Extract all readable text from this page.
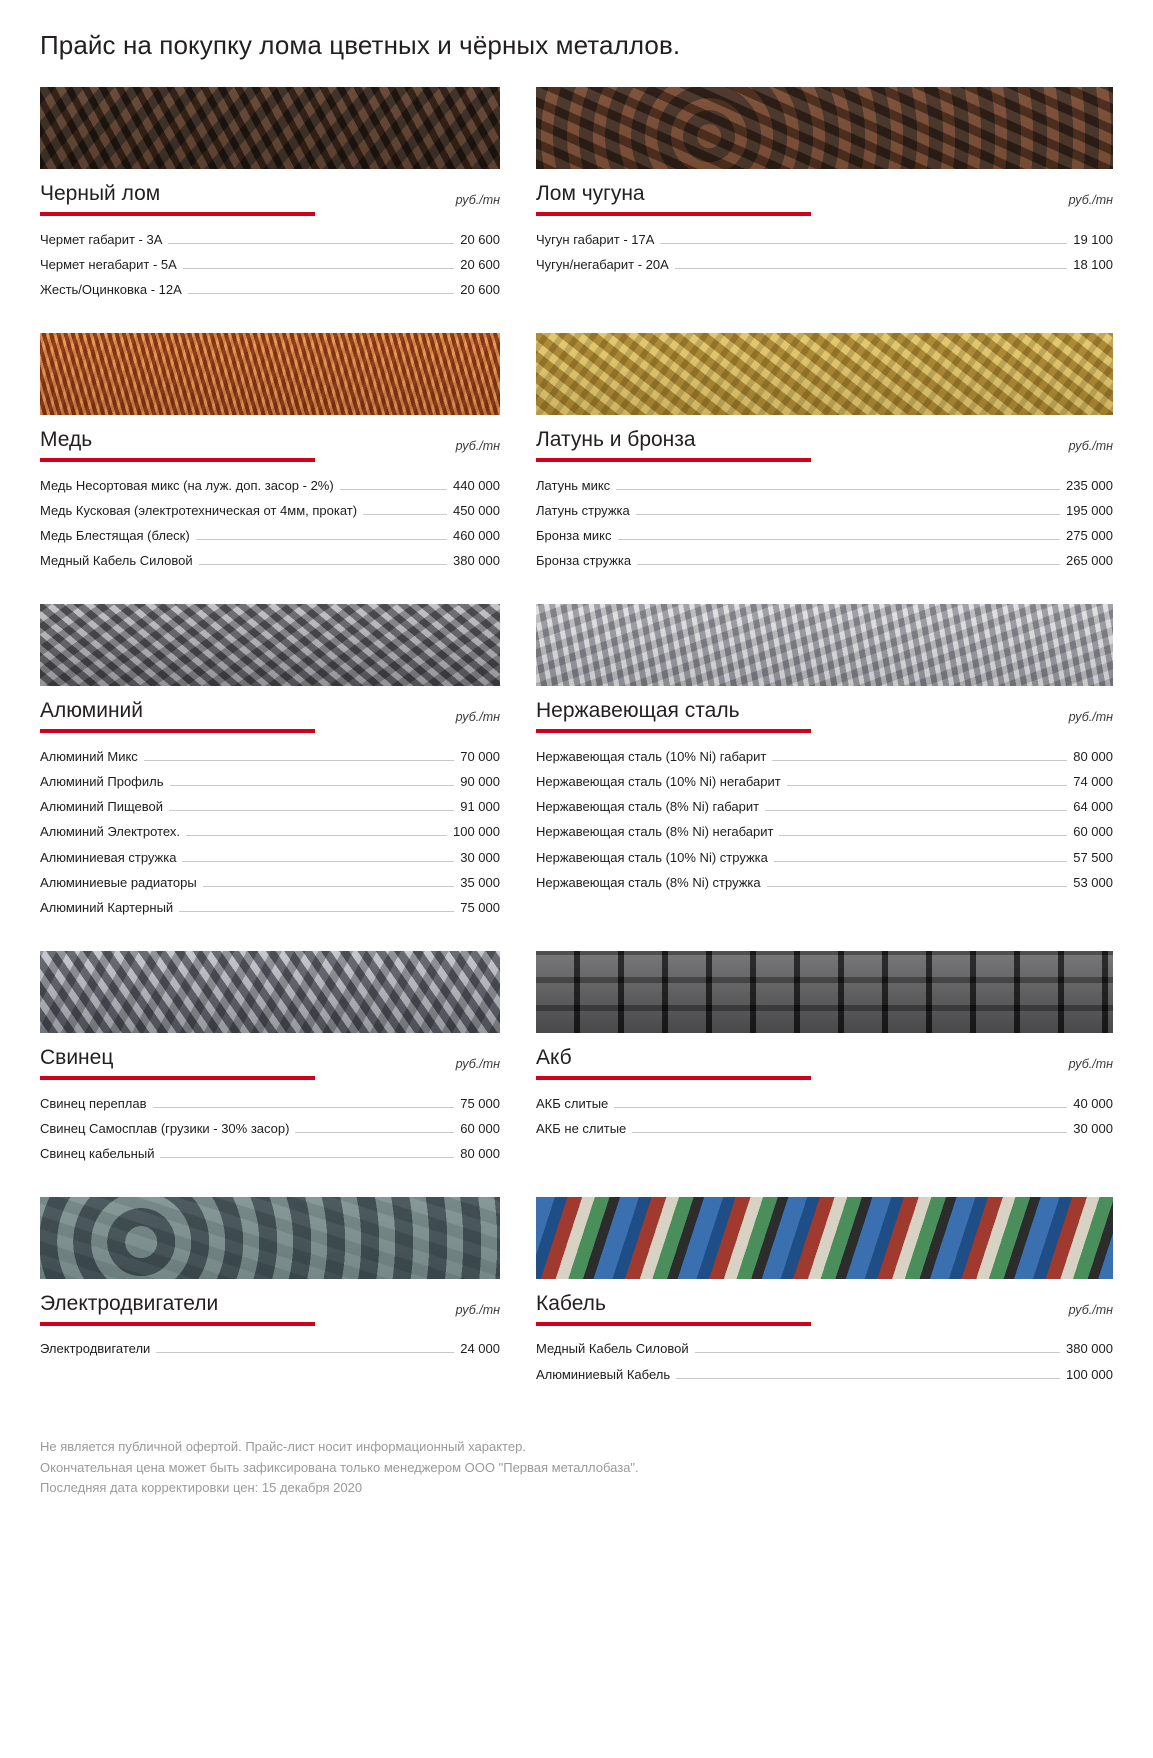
Прайс на покупку лома цветных и чёрных металлов.
Черный лом	руб./тн
Чермет габарит - 3А	20 600
Чермет негабарит - 5А	20 600
Жесть/Оцинковка - 12А	20 600
Лом чугуна	руб./тн
Чугун габарит - 17А	19 100
Чугун/негабарит - 20А	18 100
Медь	руб./тн
Медь Несортовая микс (на луж. доп. засор - 2%)	440 000
Медь Кусковая (электротехническая от 4мм, прокат)	450 000
Медь Блестящая (блеск)	460 000
Медный Кабель Силовой	380 000
Латунь и бронза	руб./тн
Латунь микс	235 000
Латунь стружка	195 000
Бронза микс	275 000
Бронза стружка	265 000
Алюминий	руб./тн
Алюминий Микс	70 000
Алюминий Профиль	90 000
Алюминий Пищевой	91 000
Алюминий Электротех.	100 000
Алюминиевая стружка	30 000
Алюминиевые радиаторы	35 000
Алюминий Картерный	75 000
Нержавеющая сталь	руб./тн
Нержавеющая сталь (10% Ni) габарит	80 000
Нержавеющая сталь (10% Ni) негабарит	74 000
Нержавеющая сталь (8% Ni) габарит	64 000
Нержавеющая сталь (8% Ni) негабарит	60 000
Нержавеющая сталь (10% Ni) стружка	57 500
Нержавеющая сталь (8% Ni) стружка	53 000
Свинец	руб./тн
Свинец переплав	75 000
Свинец Самосплав (грузики - 30% засор)	60 000
Свинец кабельный	80 000
Акб	руб./тн
АКБ слитые	40 000
АКБ не слитые	30 000
Электродвигатели	руб./тн
Электродвигатели	24 000
Кабель	руб./тн
Медный Кабель Силовой	380 000
Алюминиевый Кабель	100 000
Не является публичной офертой. Прайс-лист носит информационный характер.
Окончательная цена может быть зафиксирована только менеджером ООО "Первая металлобаза".
Последняя дата корректировки цен: 15 декабря 2020
